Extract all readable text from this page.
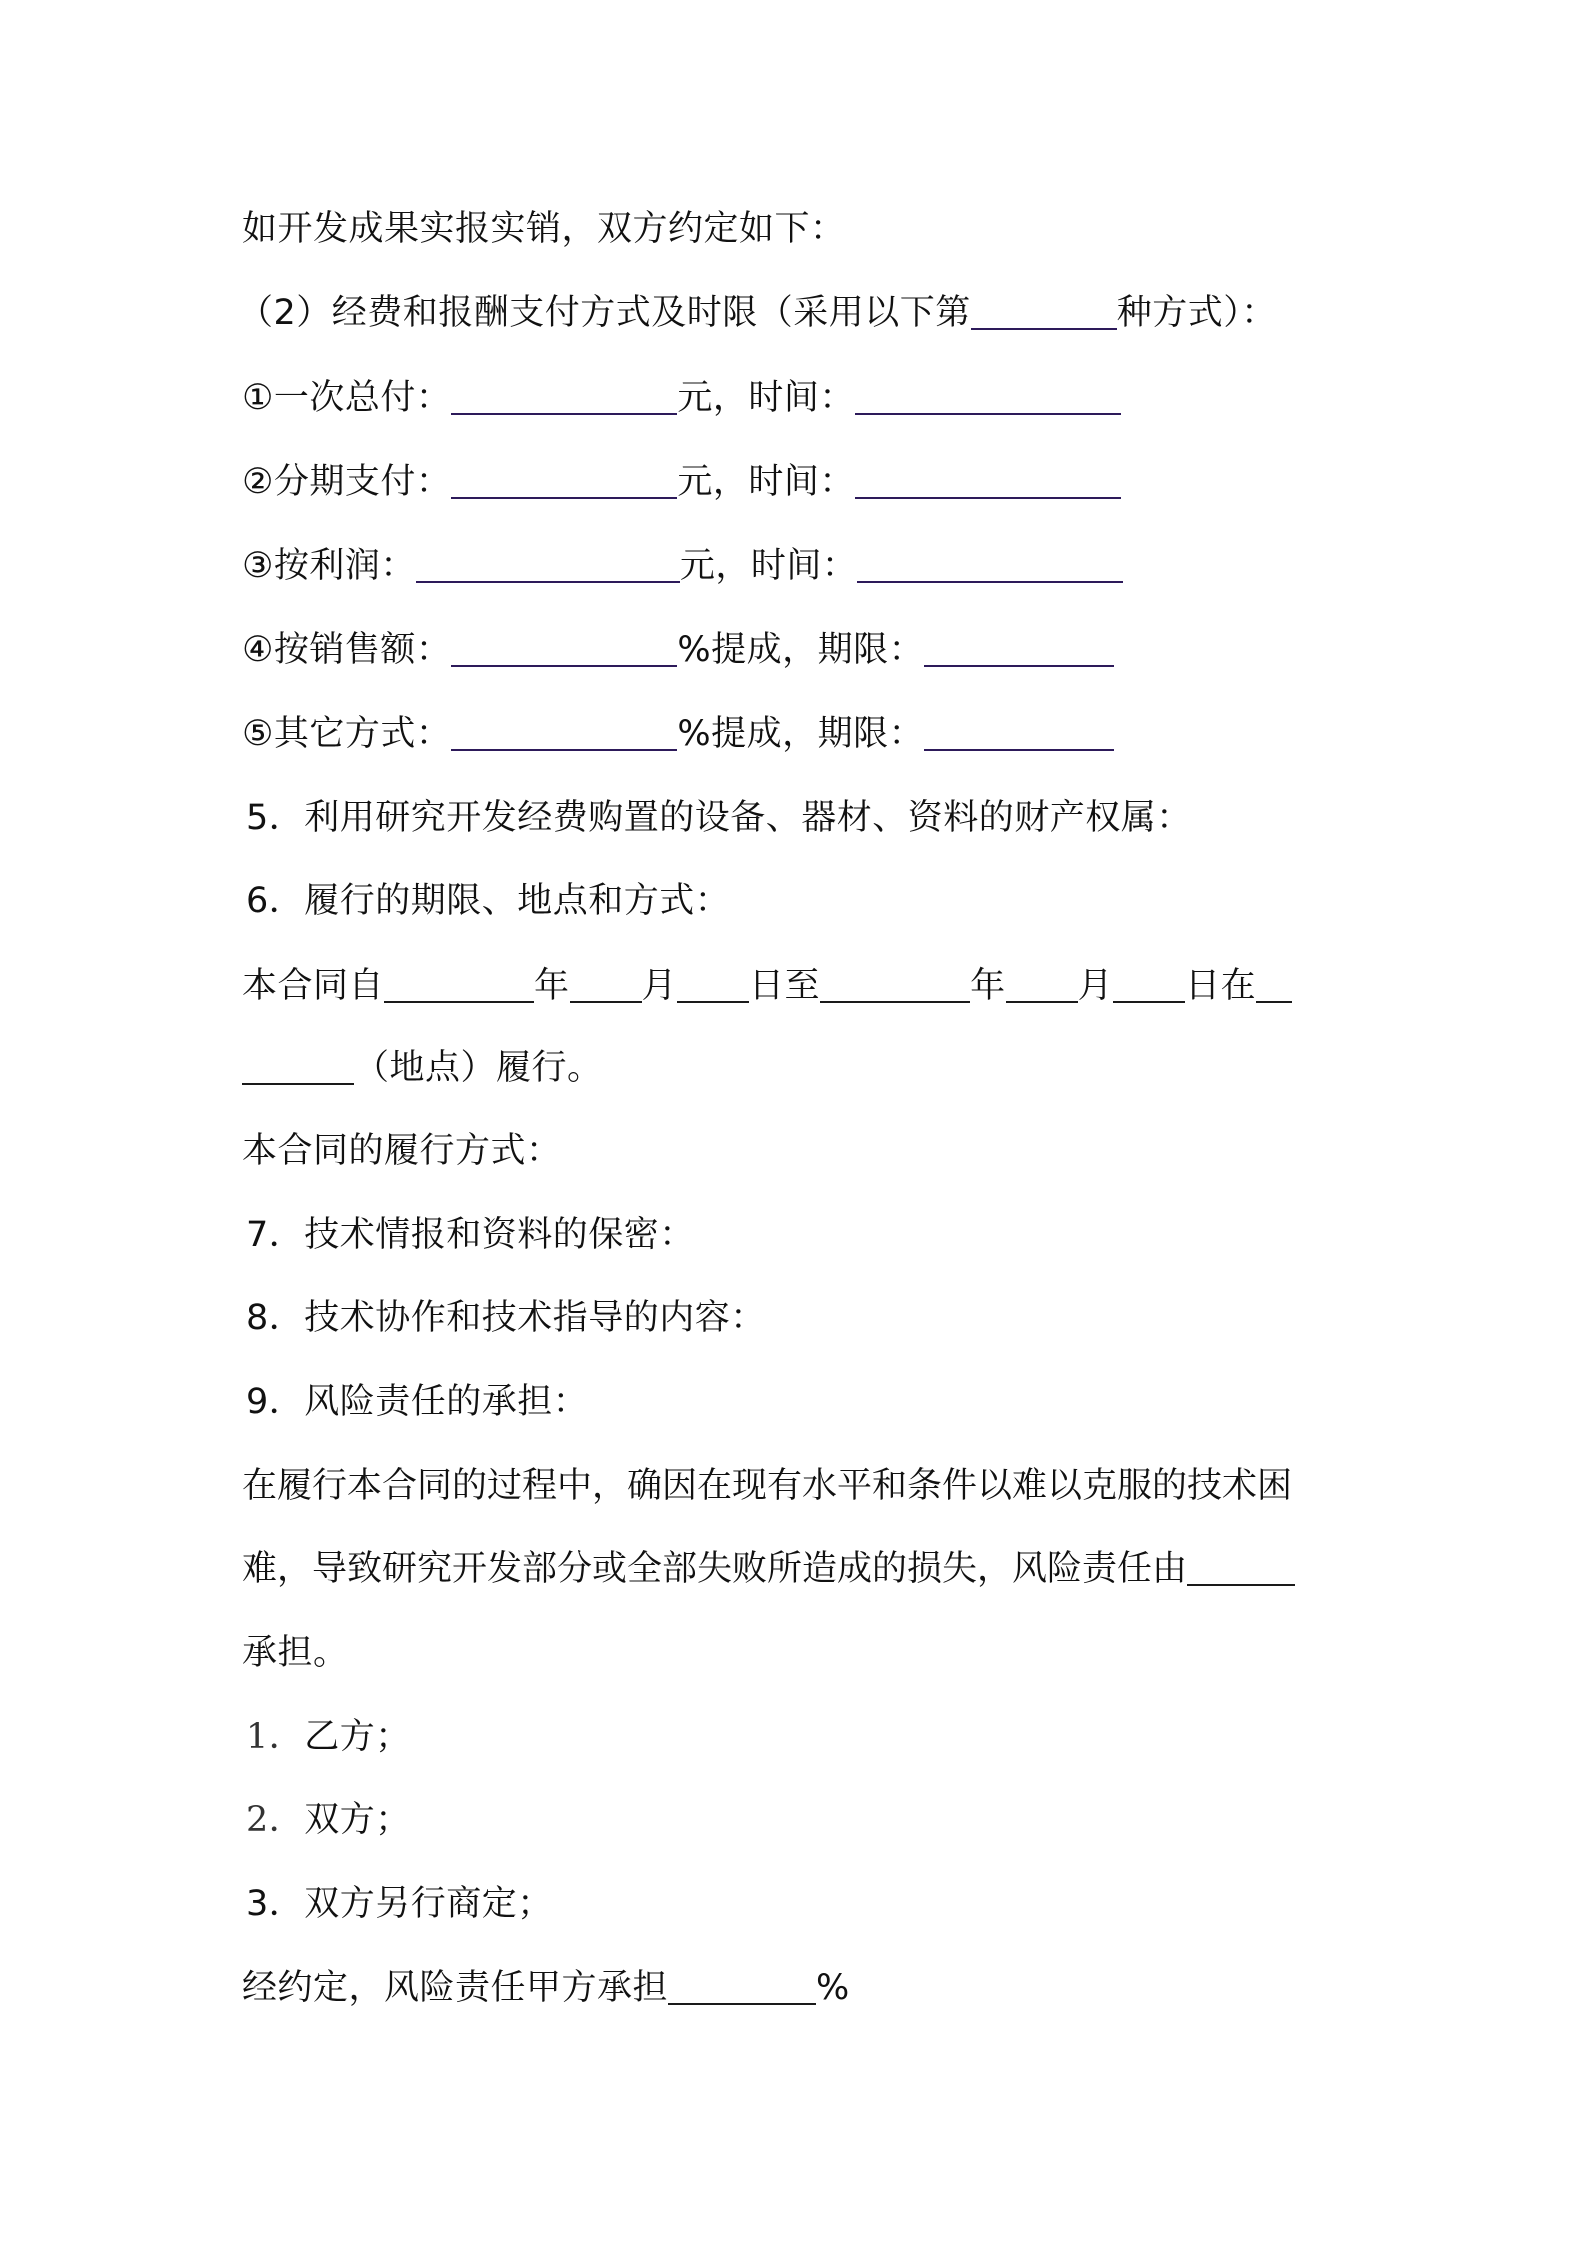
如开发成果实报实销，双方约定如下：
（2）经费和报酬支付方式及时限（采用以下第	种方式）：
①一次总付：	元，时间：
②分期支付：	元，时间：
③按利润：	元，时间：
④按销售额：	%提成，期限：
⑤其它方式：	%提成，期限：
5．利用研究开发经费购置的设备、器材、资料的财产权属：
6．履行的期限、地点和方式：
本合同自	年 月 日至	年 月 日在
（地点）履行。
本合同的履行方式：
7．技术情报和资料的保密：
8．技术协作和技术指导的内容：
9．风险责任的承担：
在履行本合同的过程中，确因在现有水平和条件以难以克服的技术困
难，导致研究开发部分或全部失败所造成的损失，风险责任由
承担。
1．乙方；
2．双方；
3．双方另行商定；
经约定，风险责任甲方承担	%
